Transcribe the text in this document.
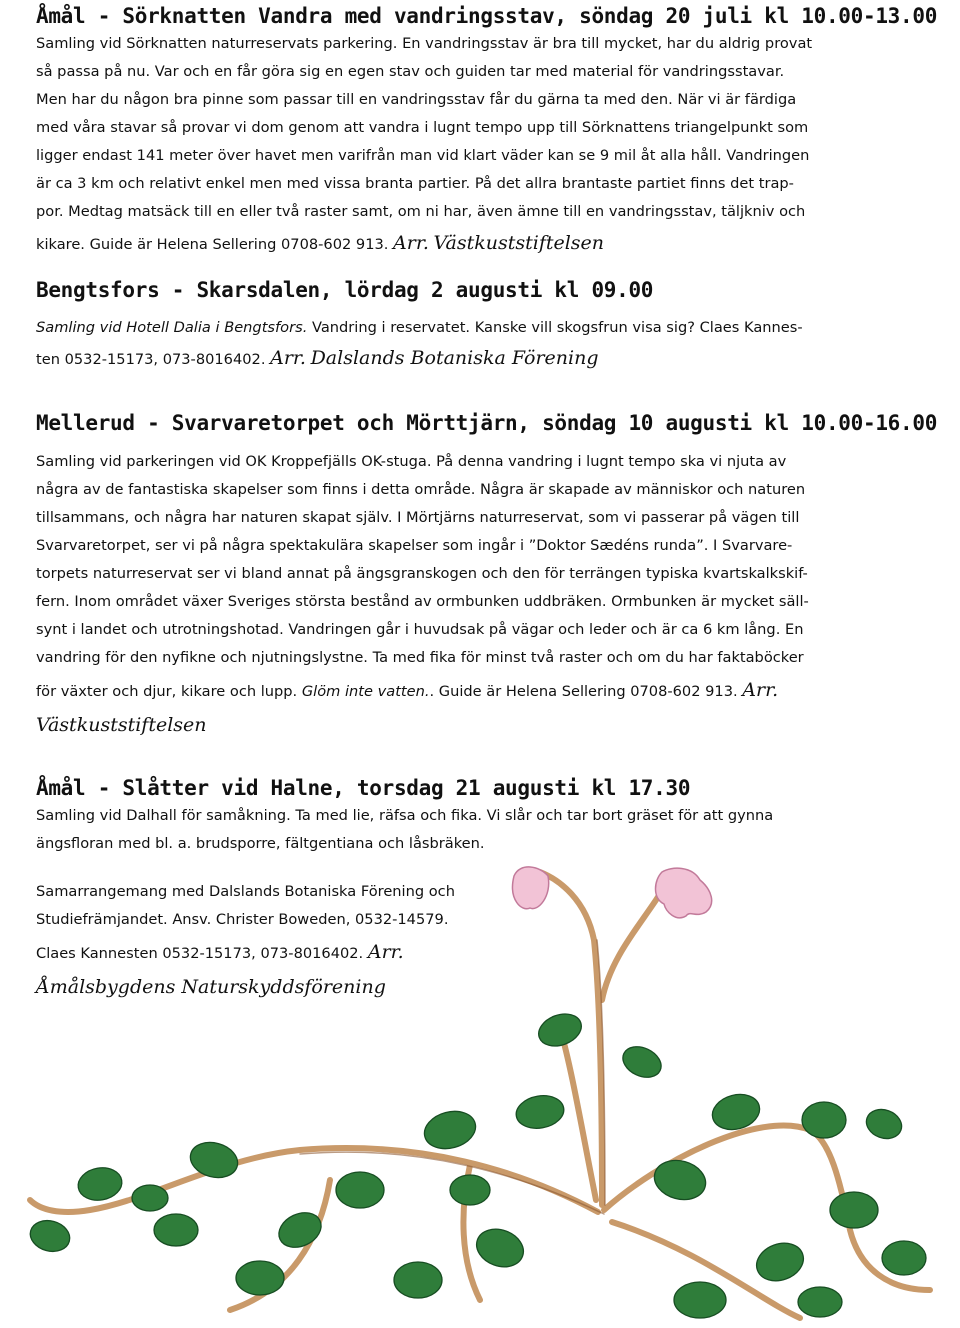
Åmål - Sörknatten Vandra med vandringsstav, söndag 20 juli kl 10.00-13.00

Samling vid Sörknatten naturreservats parkering. En vandringsstav är bra till mycket, har du aldrig provat
så passa på nu. Var och en får göra sig en egen stav och guiden tar med material för vandringsstavar.
Men har du någon bra pinne som passar till en vandringsstav får du gärna ta med den. När vi är färdiga
med våra stavar så provar vi dom genom att vandra i lugnt tempo upp till Sörknattens triangelpunkt som
ligger endast 141 meter över havet men varifrån man vid klart väder kan se 9 mil åt alla håll. Vandringen
är ca 3 km och relativt enkel men med vissa branta partier. På det allra brantaste partiet finns det trap-
por. Medtag matsäck till en eller två raster samt, om ni har, även ämne till en vandringsstav, täljkniv och
kikare. Guide är Helena Sellering 0708-602 913. Arr. Västkuststiftelsen

Bengtsfors - Skarsdalen, lördag 2 augusti kl 09.00

Samling vid Hotell Dalia i Bengtsfors. Vandring i reservatet. Kanske vill skogsfrun visa sig? Claes Kannes-
ten 0532-15173, 073-8016402. Arr. Dalslands Botaniska Förening

Mellerud - Svarvaretorpet och Mörttjärn, söndag 10 augusti kl 10.00-16.00

Samling vid parkeringen vid OK Kroppefjälls OK-stuga. På denna vandring i lugnt tempo ska vi njuta av
några av de fantastiska skapelser som finns i detta område. Några är skapade av människor och naturen
tillsammans, och några har naturen skapat själv. I Mörtjärns naturreservat, som vi passerar på vägen till
Svarvaretorpet, ser vi på några spektakulära skapelser som ingår i ”Doktor Sædéns runda”. I Svarvare-
torpets naturreservat ser vi bland annat på ängsgranskogen och den för terrängen typiska kvartskalkskif-
fern. Inom området växer Sveriges största bestånd av ormbunken uddbräken. Ormbunken är mycket säll-
synt i landet och utrotningshotad. Vandringen går i huvudsak på vägar och leder och är ca 6 km lång. En
vandring för den nyfikne och njutningslystne. Ta med fika för minst två raster och om du har faktaböcker
för växter och djur, kikare och lupp. Glöm inte vatten.. Guide är Helena Sellering 0708-602 913. Arr.
Västkuststiftelsen

Åmål - Slåtter vid Halne, torsdag 21 augusti kl 17.30

Samling vid Dalhall för samåkning. Ta med lie, räfsa och fika. Vi slår och tar bort gräset för att gynna
ängsfloran med bl. a. brudsporre, fältgentiana och låsbräken.

Samarrangemang med Dalslands Botaniska Förening och
Studiefrämjandet. Ansv. Christer Boweden, 0532-14579.
Claes Kannesten 0532-15173, 073-8016402. Arr.
Åmålsbygdens Naturskyddsförening
